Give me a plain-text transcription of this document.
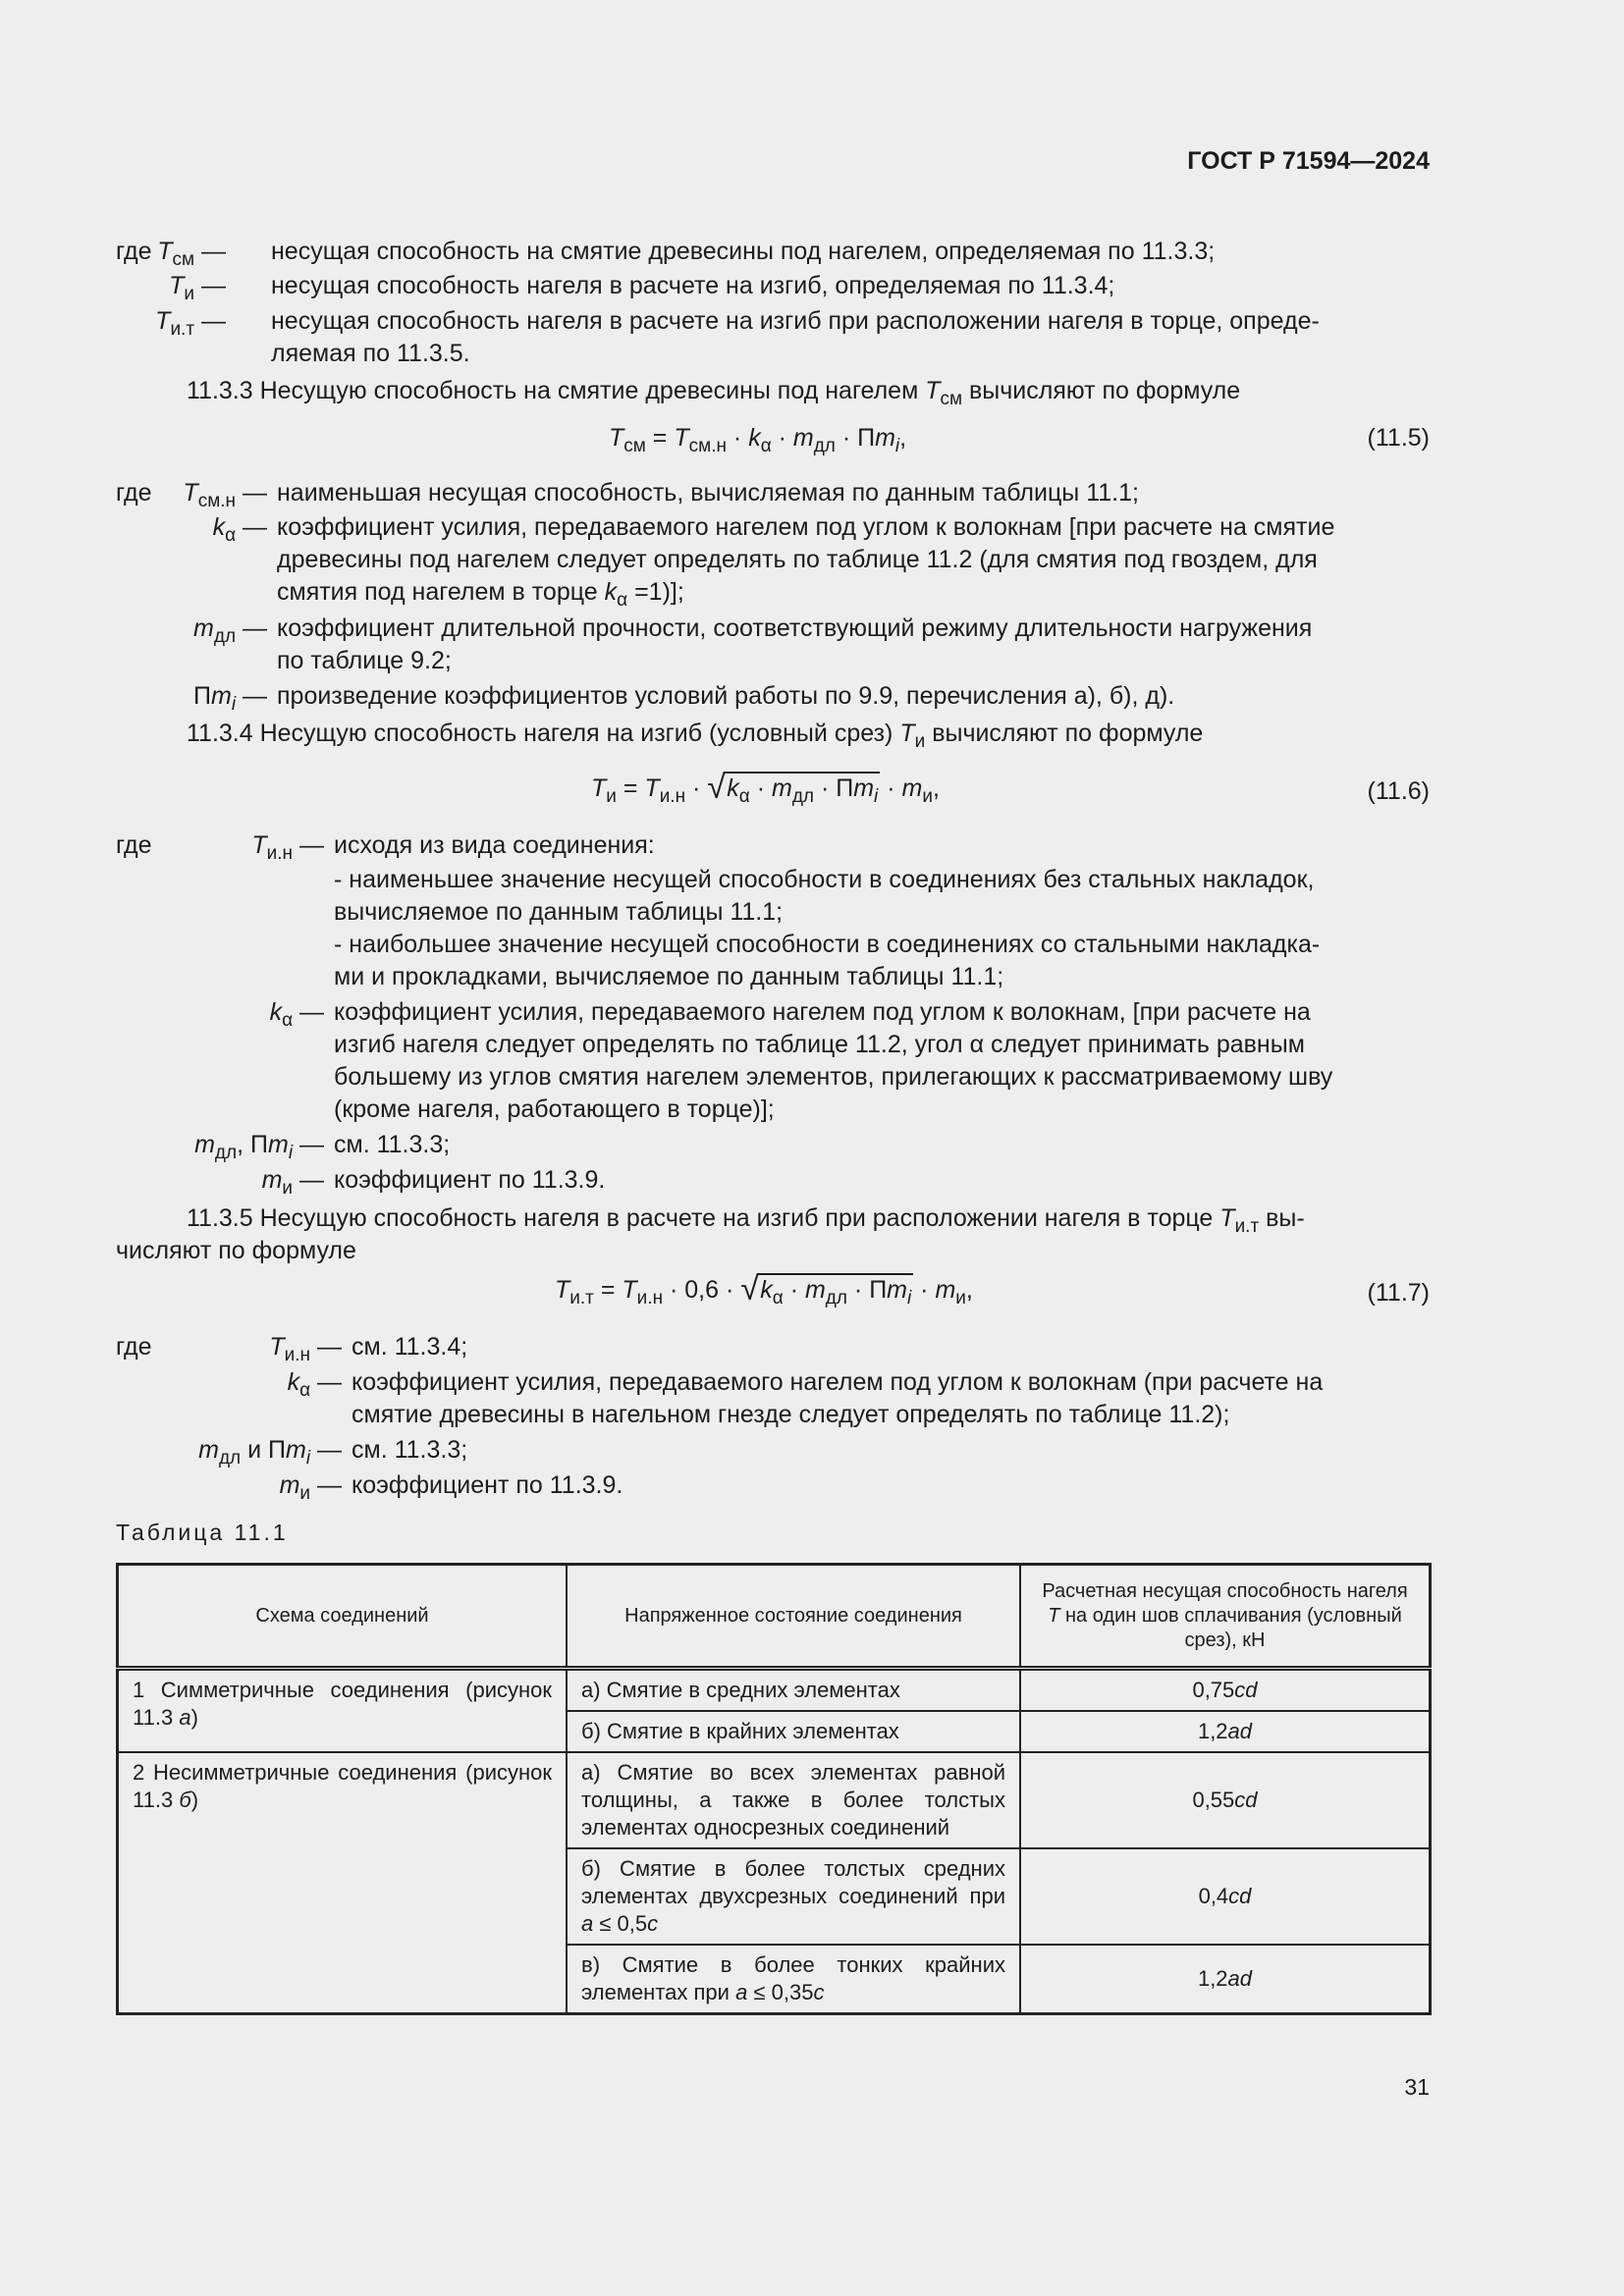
ГОСТ Р 71594—2024
где $T_{см}$ — несущая способность на смятие древесины под нагелем, определяемая по 11.3.3;
$T_и$ — несущая способность нагеля в расчете на изгиб, определяемая по 11.3.4;
$T_{и.т}$ — несущая способность нагеля в расчете на изгиб при расположении нагеля в торце, опреде-
ляемая по 11.3.5.
11.3.3 Несущую способность на смятие древесины под нагелем $T_{см}$ вычисляют по формуле
$T_{см} = T_{см.н} \cdot k_\alpha \cdot m_{дл} \cdot Пm_i$,	(11.5)
где	$T_{см.н}$ — наименьшая несущая способность, вычисляемая по данным таблицы 11.1;
$k_\alpha$ — коэффициент усилия, передаваемого нагелем под углом к волокнам [при расчете на смятие
древесины под нагелем следует определять по таблице 11.2 (для смятия под гвоздем, для
смятия под нагелем в торце $k_\alpha =1$)];
$m_{дл}$ — коэффициент длительной прочности, соответствующий режиму длительности нагружения
по таблице 9.2;
$Пm_i$ — произведение коэффициентов условий работы по 9.9, перечисления а), б), д).
11.3.4 Несущую способность нагеля на изгиб (условный срез) $T_и$ вычисляют по формуле
$T_и = T_{и.н}$ · √ $k_\alpha \cdot m_{дл} \cdot Пm_i \cdot m_и$,	(11.6)
где	$T_{и.н}$ — исходя из вида соединения:
- наименьшее значение несущей способности в соединениях без стальных накладок,
вычисляемое по данным таблицы 11.1;
- наибольшее значение несущей способности в соединениях со стальными накладка-
ми и прокладками, вычисляемое по данным таблицы 11.1;
$k_\alpha$ — коэффициент усилия, передаваемого нагелем под углом к волокнам, [при расчете на
изгиб нагеля следует определять по таблице 11.2, угол α следует принимать равным
большему из углов смятия нагелем элементов, прилегающих к рассматриваемому шву
(кроме нагеля, работающего в торце)];
$m_{дл}$, $Пm_i$ — см. 11.3.3;
$m_и$ — коэффициент по 11.3.9.
11.3.5 Несущую способность нагеля в расчете на изгиб при расположении нагеля в торце $T_{и.т}$ вы-
числяют по формуле
$T_{и.т} = T_{и.н} \cdot 0,6$ · √ $k_\alpha \cdot m_{дл} \cdot Пm_i \cdot m_и$,	(11.7)
где	$T_{и.н}$ — см. 11.3.4;
$k_\alpha$ — коэффициент усилия, передаваемого нагелем под углом к волокнам (при расчете на
смятие древесины в нагельном гнезде следует определять по таблице 11.2);
$m_{дл}$ и $Пm_i$ — см. 11.3.3;
$m_и$ — коэффициент по 11.3.9.
Таблица 11.1
Схема соединений	Напряженное состояние соединения	Расчетная несущая способность нагеля T на один шов сплачивания (условный срез), кН
1 Симметричные соединения (рисунок 11.3 а)	а) Смятие в средних элементах	0,75cd
	б) Смятие в крайних элементах	1,2ad
2 Несимметричные соединения (рисунок 11.3 б)	а) Смятие во всех элементах равной толщины, а также в более толстых элементах односрезных соединений	0,55cd
	б) Смятие в более толстых средних элементах двухсрезных соединений при a ≤ 0,5c	0,4cd
	в) Смятие в более тонких крайних элементах при a ≤ 0,35c	1,2ad
31
